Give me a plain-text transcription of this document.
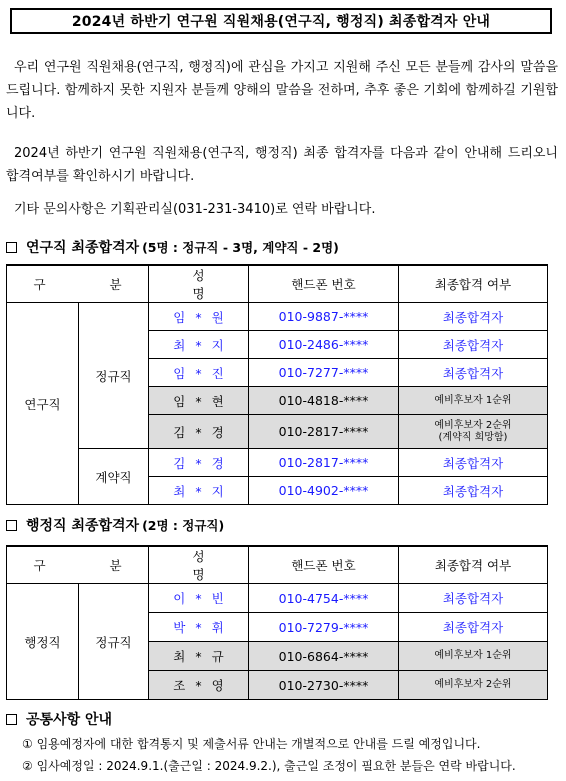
2024년 하반기 연구원 직원채용(연구직, 행정직) 최종합격자 안내
우리 연구원 직원채용(연구직, 행정직)에 관심을 가지고 지원해 주신 모든 분들께 감사의 말씀을 드립니다. 함께하지 못한 지원자 분들께 양해의 말씀을 전하며, 추후 좋은 기회에 함께하길 기원합니다.
2024년 하반기 연구원 직원채용(연구직, 행정직) 최종 합격자를 다음과 같이 안내해 드리오니 합격여부를 확인하시기 바랍니다.
기타 문의사항은 기획관리실(031-231-3410)로 연락 바랍니다.
연구직 최종합격자 (5명 : 정규직 - 3명, 계약직 - 2명)
구 분		성명	핸드폰 번호	최종합격 여부
연구직	정규직	임*원	010-9887-****	최종합격자
		최*지	010-2486-****	최종합격자
		임*진	010-7277-****	최종합격자
		임*현	010-4818-****	예비후보자 1순위
		김*경	010-2817-****	예비후보자 2순위
(계약직 희망함)

	계약직	김*경	010-2817-****	최종합격자
		최*지	010-4902-****	최종합격자
행정직 최종합격자 (2명 : 정규직)
구 분		성명	핸드폰 번호	최종합격 여부
행정직	정규직	이*빈	010-4754-****	최종합격자
		박*휘	010-7279-****	최종합격자
		최*규	010-6864-****	예비후보자 1순위
		조*영	010-2730-****	예비후보자 2순위
공통사항 안내
① 임용예정자에 대한 합격통지 및 제출서류 안내는 개별적으로 안내를 드릴 예정입니다.
② 임사예정일 : 2024.9.1.(출근일 : 2024.9.2.), 출근일 조정이 필요한 분들은 연락 바랍니다.
